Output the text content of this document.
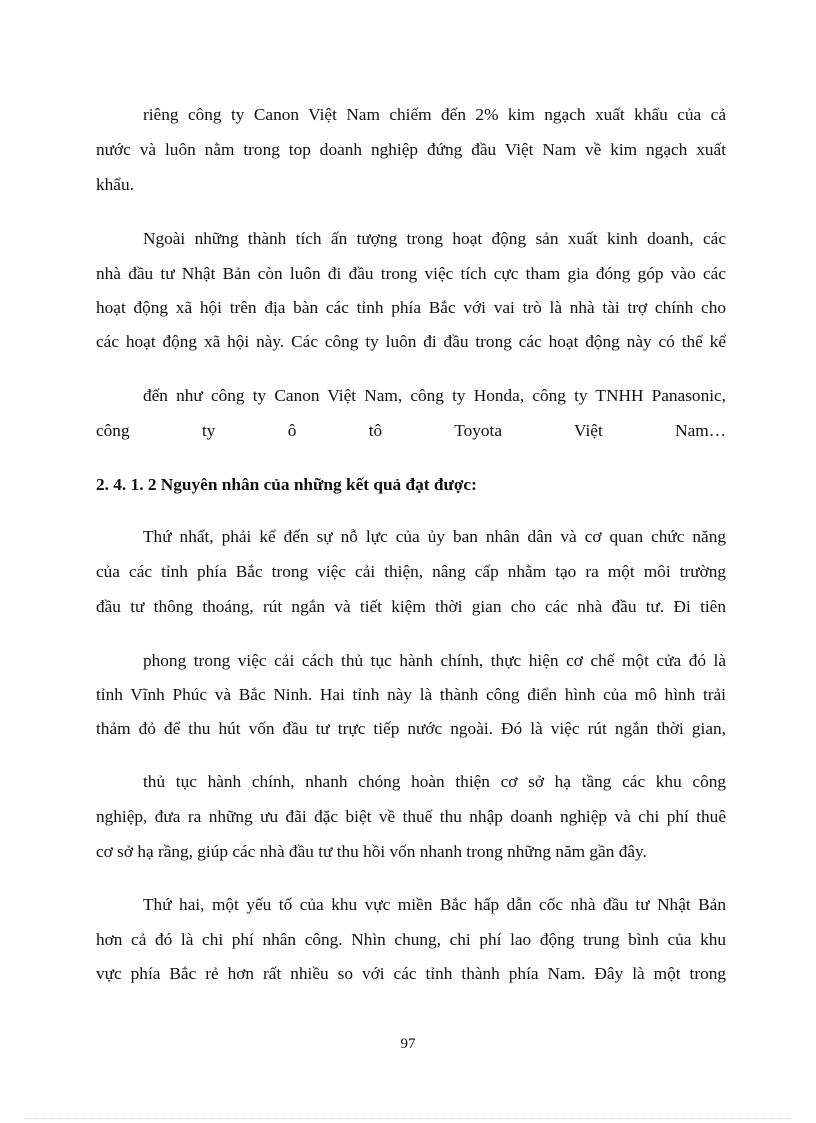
riêng công ty Canon Việt Nam chiếm đến 2% kim ngạch xuất khẩu của cả
nước và luôn nằm trong top doanh nghiệp đứng đầu Việt Nam về kim ngạch xuất
khẩu.
Ngoài những thành tích ấn tượng trong hoạt động sản xuất kinh doanh, các
nhà đầu tư Nhật Bản còn luôn đi đầu trong việc tích cực tham gia đóng góp vào các
hoạt động xã hội trên địa bàn các tỉnh phía Bắc với vai trò là nhà tài trợ chính cho
các hoạt động xã hội này. Các công ty luôn đi đầu trong các hoạt động này có thể kể
đến như công ty Canon Việt Nam, công ty Honda, công ty TNHH Panasonic,
công ty ô tô Toyota Việt Nam…
2. 4. 1. 2 Nguyên nhân của những kết quả đạt được:
Thứ nhất, phải kể đến sự nỗ lực của ủy ban nhân dân và cơ quan chức năng
của các tỉnh phía Bắc trong việc cải thiện, nâng cấp nhằm tạo ra một môi trường
đầu tư thông thoáng, rút ngắn và tiết kiệm thời gian cho các nhà đầu tư. Đi tiên
phong trong việc cải cách thủ tục hành chính, thực hiện cơ chế một cửa đó là
tỉnh Vĩnh Phúc và Bắc Ninh. Hai tỉnh này là thành công điển hình của mô hình trải
thảm đỏ để thu hút vốn đầu tư trực tiếp nước ngoài. Đó là việc rút ngắn thời gian,
thủ tục hành chính, nhanh chóng hoàn thiện cơ sở hạ tầng các khu công
nghiệp, đưa ra những ưu đãi đặc biệt về thuế thu nhập doanh nghiệp và chi phí thuê
cơ sở hạ rầng, giúp các nhà đầu tư thu hồi vốn nhanh trong những năm gần đây.
Thứ hai, một yếu tố của khu vực miền Bắc hấp dẫn cốc nhà đầu tư Nhật Bản
hơn cả đó là chi phí nhân công. Nhìn chung, chi phí lao động trung bình của khu
vực phía Bắc rẻ hơn rất nhiều so với các tỉnh thành phía Nam. Đây là một trong
97
